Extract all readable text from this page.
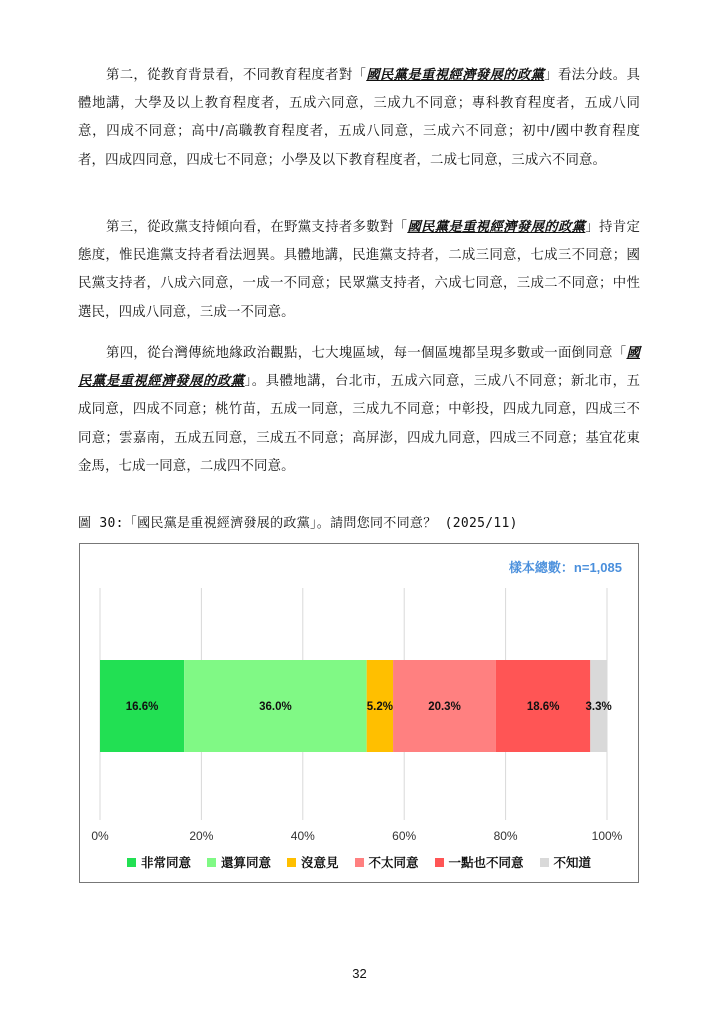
第二，從教育背景看，不同教育程度者對「國民黨是重視經濟發展的政黨」看法分歧。具體地講，大學及以上教育程度者，五成六同意，三成九不同意；專科教育程度者，五成八同意，四成不同意；高中/高職教育程度者，五成八同意，三成六不同意；初中/國中教育程度者，四成四同意，四成七不同意；小學及以下教育程度者，二成七同意，三成六不同意。
第三，從政黨支持傾向看，在野黨支持者多數對「國民黨是重視經濟發展的政黨」持肯定態度，惟民進黨支持者看法迥異。具體地講，民進黨支持者，二成三同意，七成三不同意；國民黨支持者，八成六同意，一成一不同意；民眾黨支持者，六成七同意，三成二不同意；中性選民，四成八同意，三成一不同意。
第四，從台灣傳統地緣政治觀點，七大塊區域，每一個區塊都呈現多數或一面倒同意「國民黨是重視經濟發展的政黨」。具體地講，台北市，五成六同意，三成八不同意；新北市，五成同意，四成不同意；桃竹苗，五成一同意，三成九不同意；中彰投，四成九同意，四成三不同意；雲嘉南，五成五同意，三成五不同意；高屏澎，四成九同意，四成三不同意；基宜花東金馬，七成一同意，二成四不同意。
圖 30:「國民黨是重視經濟發展的政黨」。請問您同不同意？ (2025/11)
樣本總數：n=1,085
16.6%	36.0%	5.2%	20.3%	18.6% 3.3%
0%	20%	40%	60%	80%	100%
非常同意 還算同意 沒意見 不太同意 一點也不同意 不知道
32
